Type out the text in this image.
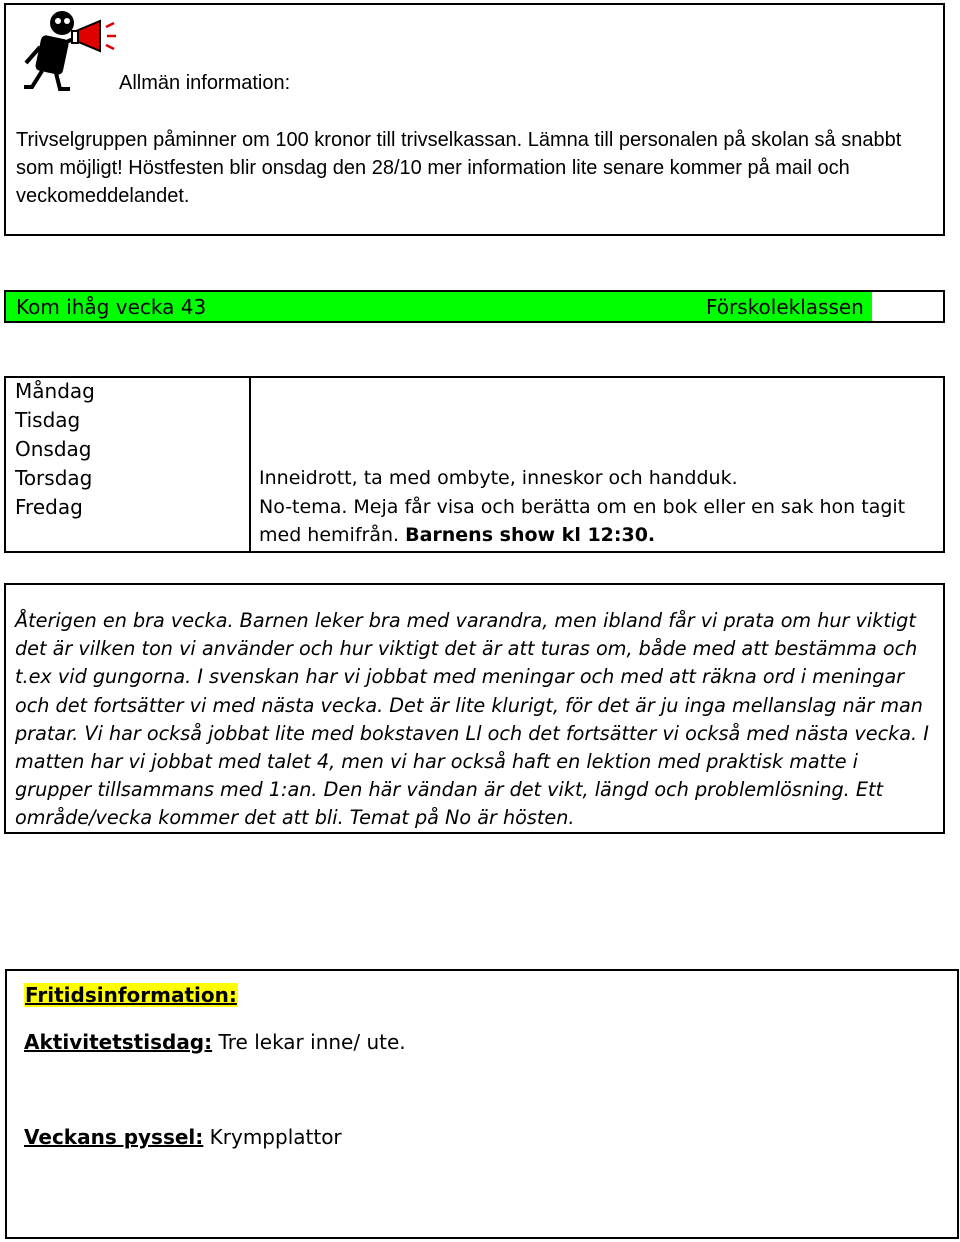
Allmän information:
Trivselgruppen påminner om 100 kronor till trivselkassan. Lämna till personalen på skolan så snabbt som möjligt! Höstfesten blir onsdag den 28/10 mer information lite senare kommer på mail och veckomeddelandet.
Kom ihåg vecka 43	Förskoleklassen
Måndag
Tisdag
Onsdag
Torsdag
Fredag
Inneidrott, ta med ombyte, inneskor och handduk.
No-tema. Meja får visa och berätta om en bok eller en sak hon tagit
med hemifrån. Barnens show kl 12:30.
Återigen en bra vecka. Barnen leker bra med varandra, men ibland får vi prata om hur viktigt det är vilken ton vi använder och hur viktigt det är att turas om, både med att bestämma och t.ex vid gungorna. I svenskan har vi jobbat med meningar och med att räkna ord i meningar och det fortsätter vi med nästa vecka. Det är lite klurigt, för det är ju inga mellanslag när man pratar. Vi har också jobbat lite med bokstaven Ll och det fortsätter vi också med nästa vecka. I matten har vi jobbat med talet 4, men vi har också haft en lektion med praktisk matte i grupper tillsammans med 1:an. Den här vändan är det vikt, längd och problemlösning. Ett område/vecka kommer det att bli. Temat på No är hösten.
Fritidsinformation:
Aktivitetstisdag: Tre lekar inne/ ute.
Veckans pyssel: Krympplattor
